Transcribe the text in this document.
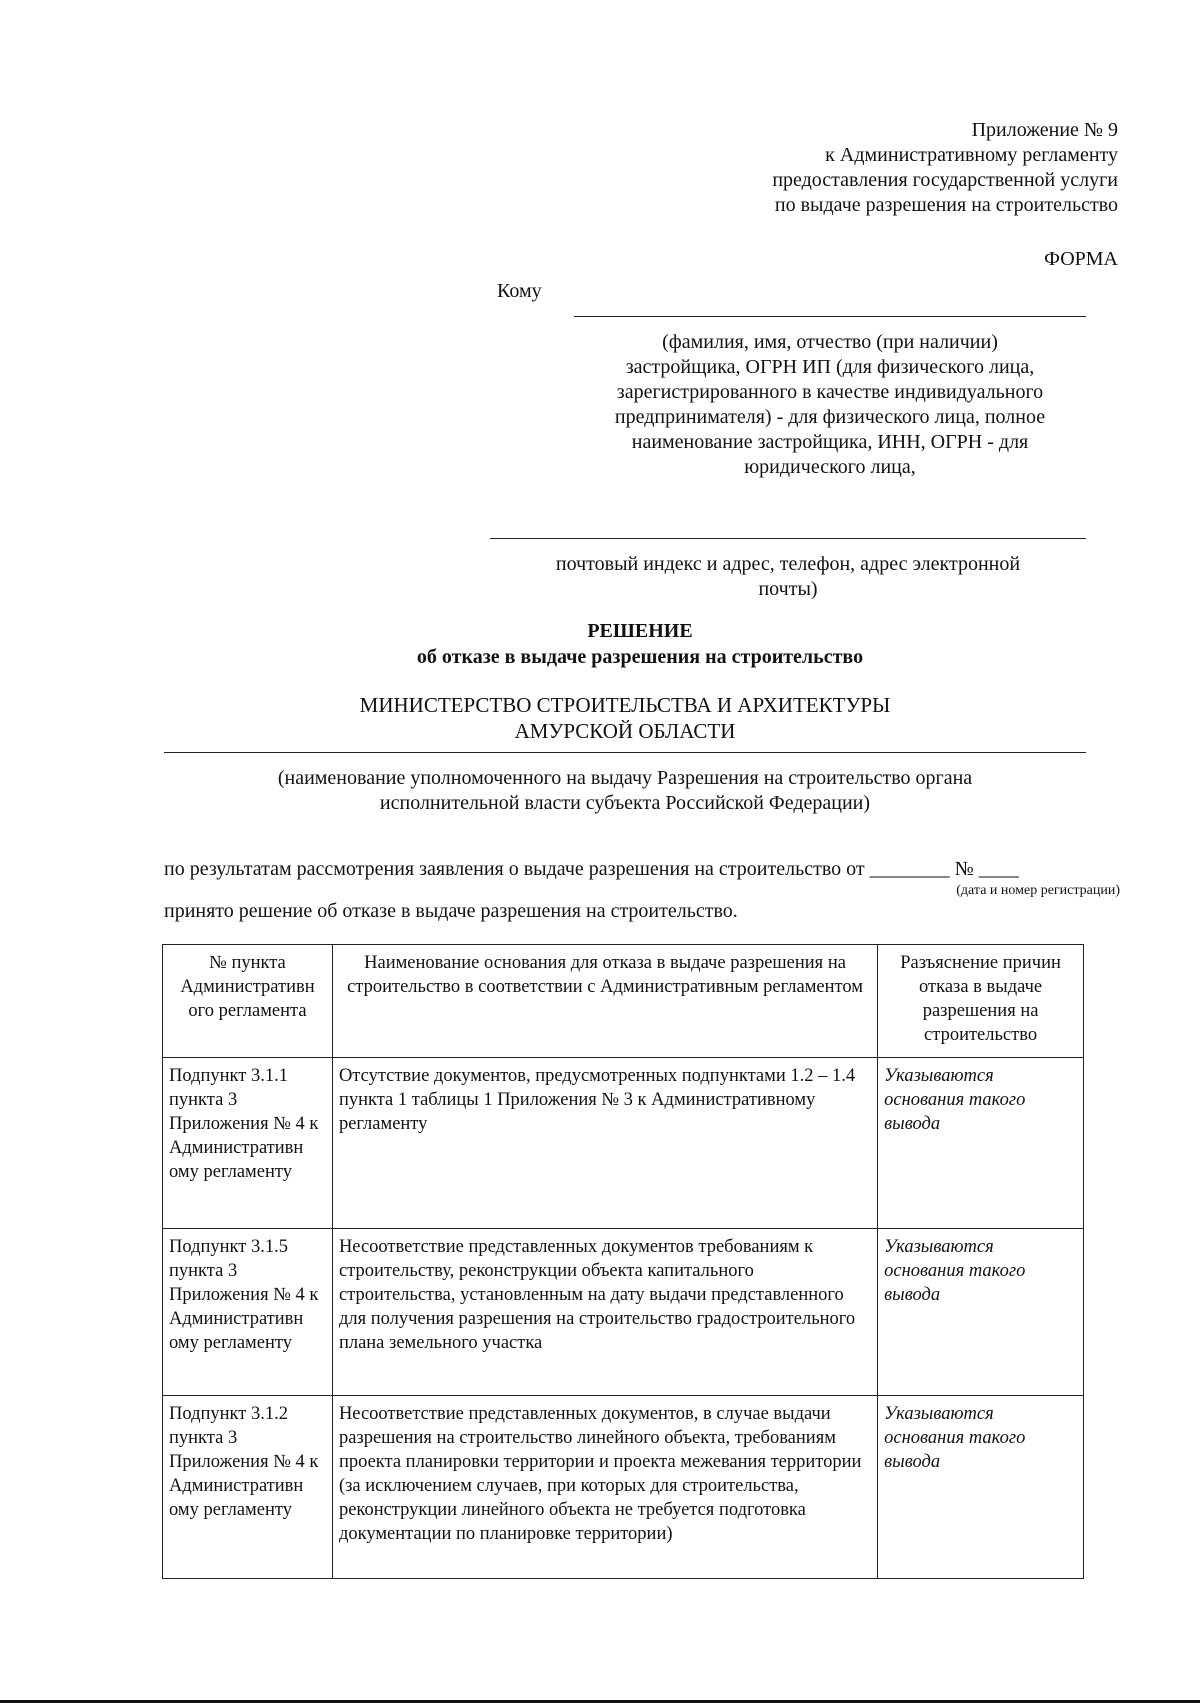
Приложение № 9
к Административному регламенту
предоставления государственной услуги
по выдаче разрешения на строительство
ФОРМА
Кому
(фамилия, имя, отчество (при наличии)
застройщика, ОГРН ИП (для физического лица,
зарегистрированного в качестве индивидуального
предпринимателя) - для физического лица, полное
наименование застройщика, ИНН, ОГРН - для
юридического лица,
почтовый индекс и адрес, телефон, адрес электронной
почты)
РЕШЕНИЕ
об отказе в выдаче разрешения на строительство
МИНИСТЕРСТВО СТРОИТЕЛЬСТВА И АРХИТЕКТУРЫ
АМУРСКОЙ ОБЛАСТИ
(наименование уполномоченного на выдачу Разрешения на строительство органа
исполнительной власти субъекта Российской Федерации)
по результатам рассмотрения заявления о выдаче разрешения на строительство от ________ № ____
(дата и номер регистрации)
принято решение об отказе в выдаче разрешения на строительство.
№ пункта Административн ого регламента	Наименование основания для отказа в выдаче разрешения на строительство в соответствии с Административным регламентом	Разъяснение причин отказа в выдаче разрешения на строительство
Подпункт 3.1.1 пункта 3 Приложения № 4 к Административн ому регламенту	Отсутствие документов, предусмотренных подпунктами 1.2 – 1.4 пункта 1 таблицы 1 Приложения № 3 к Административному регламенту	Указываются основания такого вывода
Подпункт 3.1.5 пункта 3 Приложения № 4 к Административн ому регламенту	Несоответствие представленных документов требованиям к строительству, реконструкции объекта капитального строительства, установленным на дату выдачи представленного для получения разрешения на строительство градостроительного плана земельного участка	Указываются основания такого вывода
Подпункт 3.1.2 пункта 3 Приложения № 4 к Административн ому регламенту	Несоответствие представленных документов, в случае выдачи разрешения на строительство линейного объекта, требованиям проекта планировки территории и проекта межевания территории (за исключением случаев, при которых для строительства, реконструкции линейного объекта не требуется подготовка документации по планировке территории)	Указываются основания такого вывода
